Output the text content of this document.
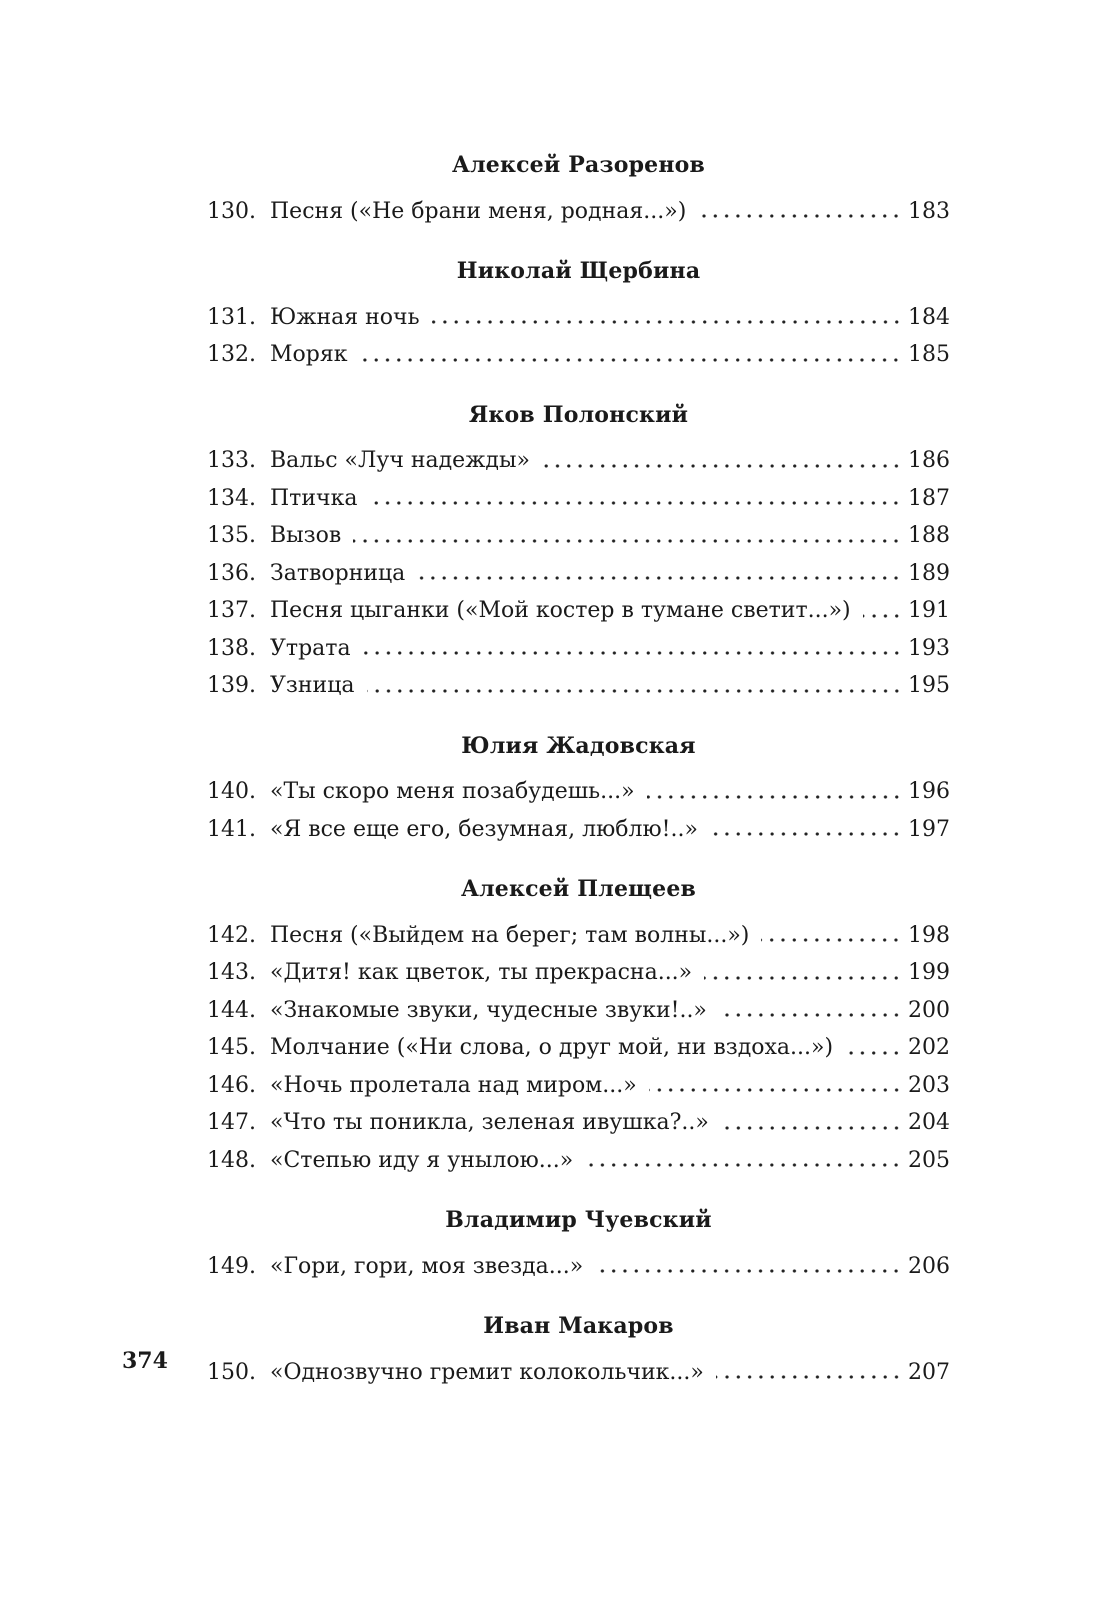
Алексей Разоренов
130. Песня («Не брани меня, родная...»)	183
Николай Щербина
131. Южная ночь	184
132. Моряк	185
Яков Полонский
133. Вальс «Луч надежды»	186
134. Птичка	187
135. Вызов	188
136. Затворница	189
137. Песня цыганки («Мой костер в тумане светит...»)	191
138. Утрата	193
139. Узница	195
Юлия Жадовская
140. «Ты скоро меня позабудешь...»	196
141. «Я все еще его, безумная, люблю!..»	197
Алексей Плещеев
142. Песня («Выйдем на берег; там волны...»)	198
143. «Дитя! как цветок, ты прекрасна...»	199
144. «Знакомые звуки, чудесные звуки!..»	200
145. Молчание («Ни слова, о друг мой, ни вздоха...»)	202
146. «Ночь пролетала над миром...»	203
147. «Что ты поникла, зеленая ивушка?..»	204
148. «Степью иду я унылою...»	205
Владимир Чуевский
149. «Гори, гори, моя звезда...»	206
Иван Макаров
150. «Однозвучно гремит колокольчик...»	207
374
